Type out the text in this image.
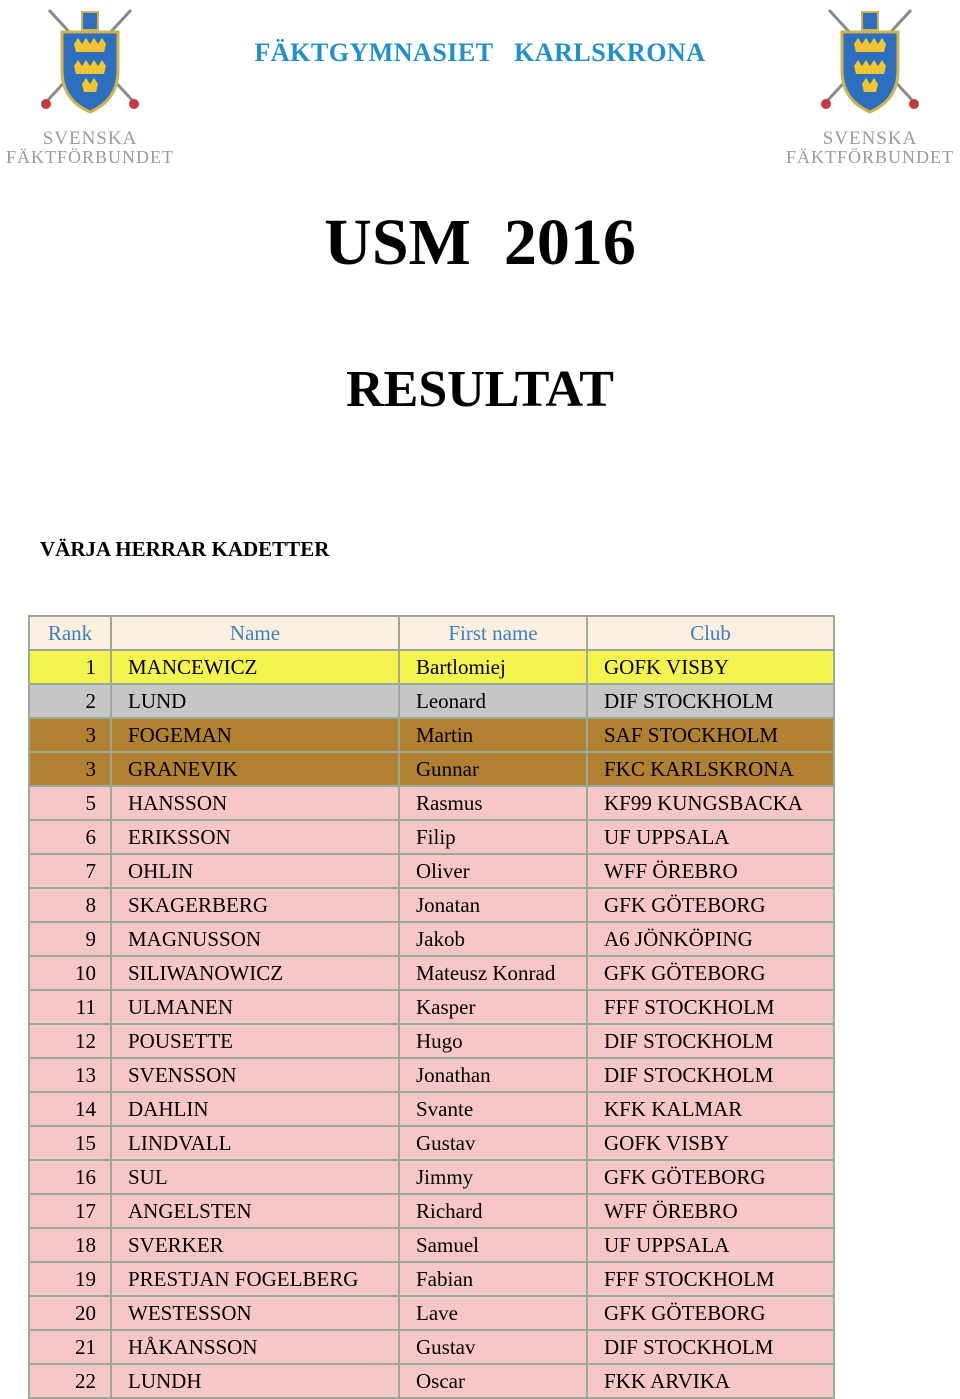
SVENSKA
FÄKTFÖRBUNDET
SVENSKA
FÄKTFÖRBUNDET
FÄKTGYMNASIET   KARLSKRONA
USM  2016
RESULTAT
VÄRJA HERRAR KADETTER
Rank	Name	First name	Club
1	MANCEWICZ	Bartlomiej	GOFK VISBY
2	LUND	Leonard	DIF STOCKHOLM
3	FOGEMAN	Martin	SAF STOCKHOLM
3	GRANEVIK	Gunnar	FKC KARLSKRONA
5	HANSSON	Rasmus	KF99 KUNGSBACKA
6	ERIKSSON	Filip	UF UPPSALA
7	OHLIN	Oliver	WFF ÖREBRO
8	SKAGERBERG	Jonatan	GFK GÖTEBORG
9	MAGNUSSON	Jakob	A6 JÖNKÖPING
10	SILIWANOWICZ	Mateusz Konrad	GFK GÖTEBORG
11	ULMANEN	Kasper	FFF STOCKHOLM
12	POUSETTE	Hugo	DIF STOCKHOLM
13	SVENSSON	Jonathan	DIF STOCKHOLM
14	DAHLIN	Svante	KFK KALMAR
15	LINDVALL	Gustav	GOFK VISBY
16	SUL	Jimmy	GFK GÖTEBORG
17	ANGELSTEN	Richard	WFF ÖREBRO
18	SVERKER	Samuel	UF UPPSALA
19	PRESTJAN FOGELBERG	Fabian	FFF STOCKHOLM
20	WESTESSON	Lave	GFK GÖTEBORG
21	HÅKANSSON	Gustav	DIF STOCKHOLM
22	LUNDH	Oscar	FKK ARVIKA
